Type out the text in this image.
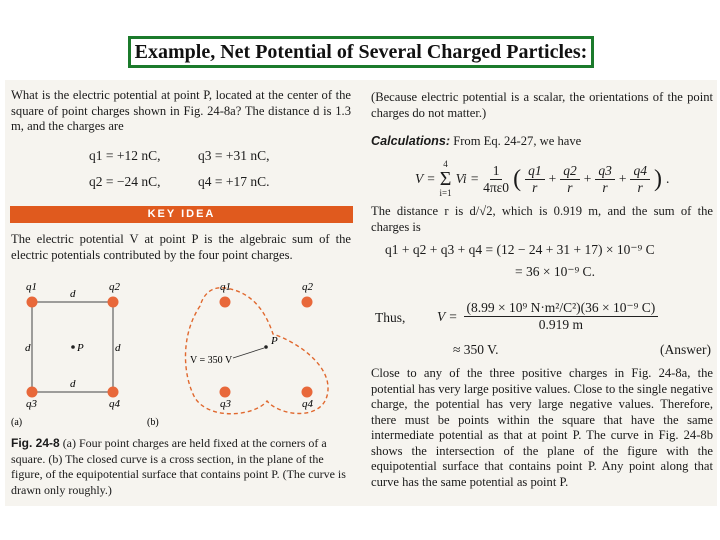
Example, Net Potential of Several Charged Particles:
What is the electric potential at point P, located at the center of the square of point charges shown in Fig. 24-8a? The distance d is 1.3 m, and the charges are
q1 = +12 nC,	q3 = +31 nC,
q2 = −24 nC,	q4 = +17 nC.
KEY IDEA
The electric potential V at point P is the algebraic sum of the electric potentials contributed by the four point charges.
q1	q2
q3	q4
d
d
d	d
P
(a)
q1	q2
q3	q4
V = 350 V
P
(b)
Fig. 24-8 (a) Four point charges are held fixed at the corners of a square. (b) The closed curve is a cross section, in the plane of the figure, of the equipotential surface that contains point P. (The curve is drawn only roughly.)
(Because electric potential is a scalar, the orientations of the point charges do not matter.)
Calculations: From Eq. 24-27, we have
V =
4
Σ
i=1
$Vi = \frac{1}{4\pi\varepsilon 0}$ ( $\frac{q1}{r} + \frac{q2}{r} + \frac{q3}{r} + \frac{q4}{r}$ ) .
The distance r is d/√2, which is 0.919 m, and the sum of the charges is
q1 + q2 + q3 + q4 = (12 − 24 + 31 + 17) × 10⁻⁹ C
= 36 × 10⁻⁹ C.
Thus, $V = \frac{\text{(8.99 × 10⁹ N·m²/C²)(36 × 10⁻⁹ C)}}{0.919 m}$
≈ 350 V.	(Answer)
Close to any of the three positive charges in Fig. 24-8a, the potential has very large positive values. Close to the single negative charge, the potential has very large negative values. Therefore, there must be points within the square that have the same intermediate potential as that at point P. The curve in Fig. 24-8b shows the intersection of the plane of the figure with the equipotential surface that contains point P. Any point along that curve has the same potential as point P.
